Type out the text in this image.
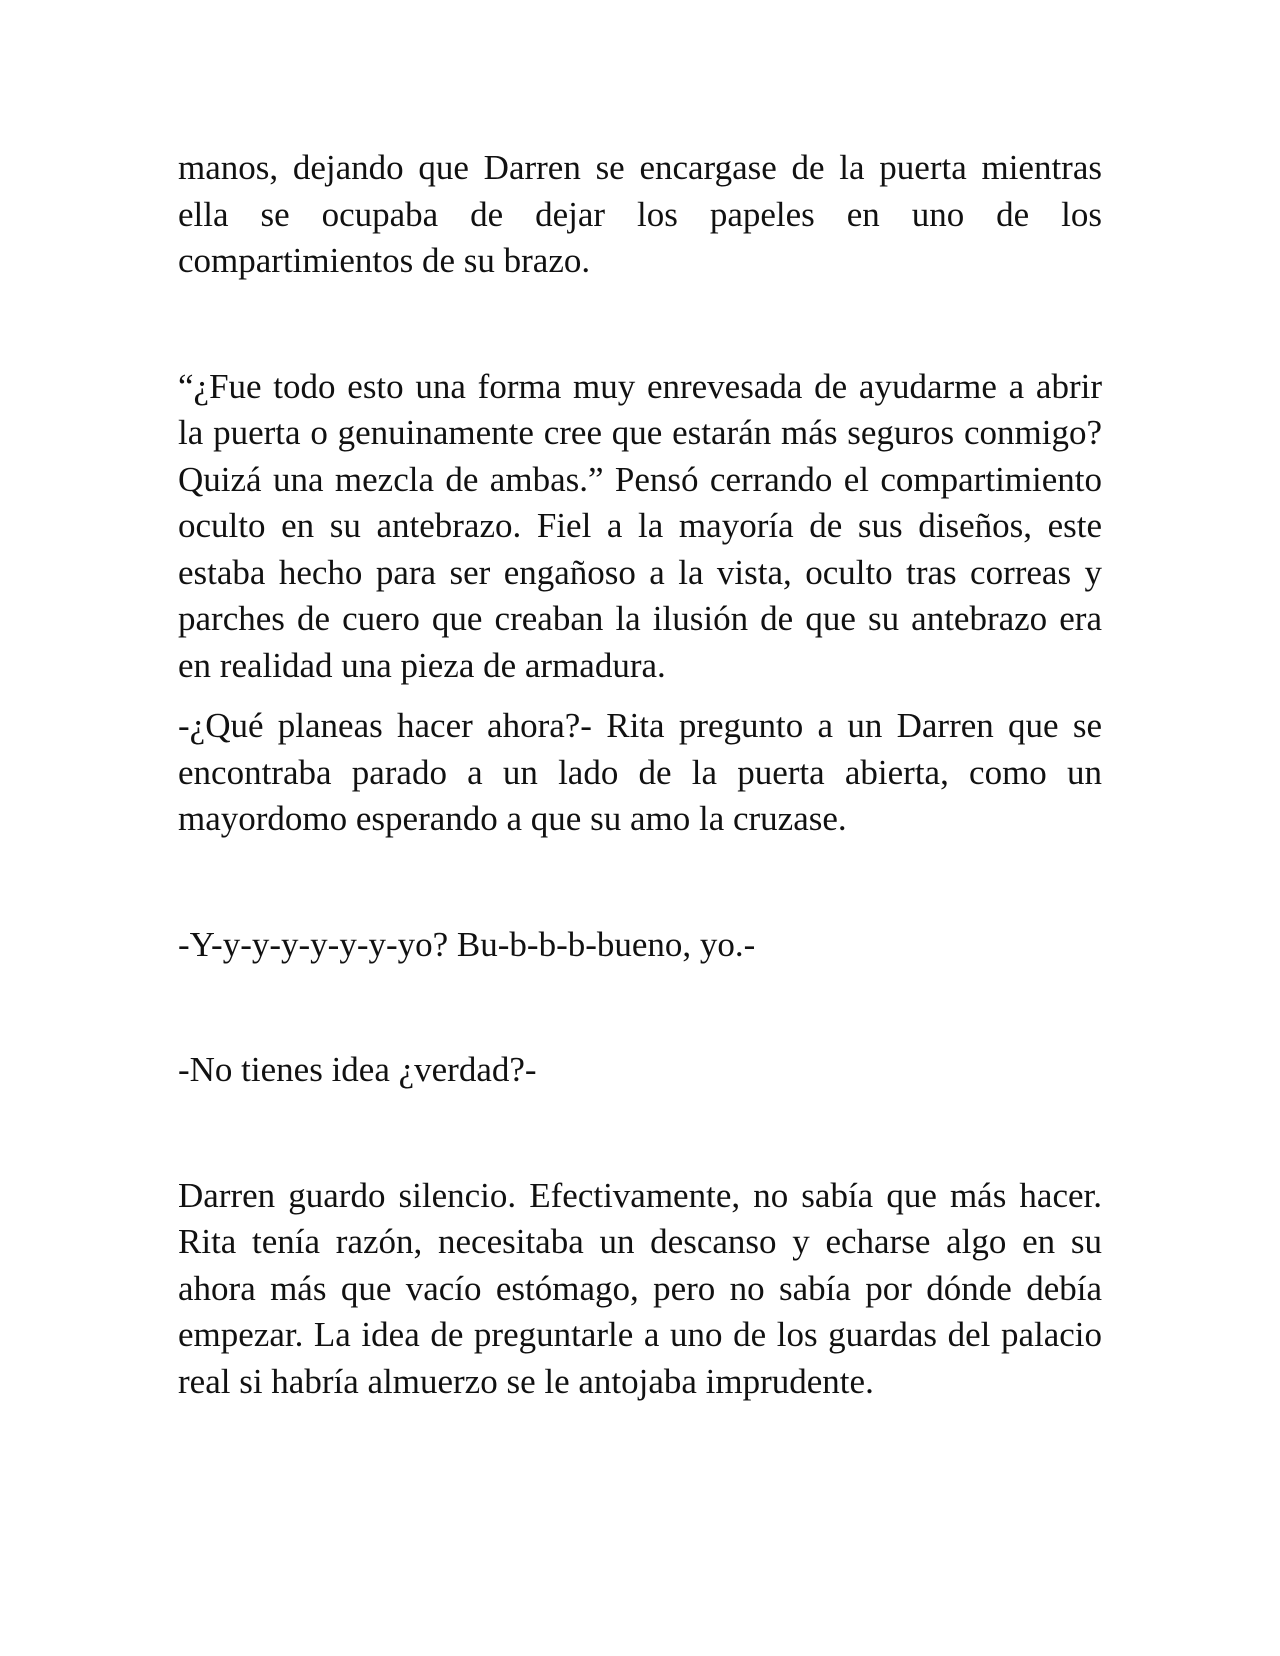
manos, dejando que Darren se encargase de la puerta mientras ella se ocupaba de dejar los papeles en uno de los compartimientos de su brazo.

“¿Fue todo esto una forma muy enrevesada de ayudarme a abrir la puerta o genuinamente cree que estarán más seguros conmigo? Quizá una mezcla de ambas.” Pensó cerrando el compartimiento oculto en su antebrazo. Fiel a la mayoría de sus diseños, este estaba hecho para ser engañoso a la vista, oculto tras correas y parches de cuero que creaban la ilusión de que su antebrazo era en realidad una pieza de armadura.

-¿Qué planeas hacer ahora?- Rita pregunto a un Darren que se encontraba parado a un lado de la puerta abierta, como un mayordomo esperando a que su amo la cruzase.

-Y-y-y-y-y-y-y-yo? Bu-b-b-b-bueno, yo.-

-No tienes idea ¿verdad?-

Darren guardo silencio. Efectivamente, no sabía que más hacer. Rita tenía razón, necesitaba un descanso y echarse algo en su ahora más que vacío estómago, pero no sabía por dónde debía empezar. La idea de preguntarle a uno de los guardas del palacio real si habría almuerzo se le antojaba imprudente.
